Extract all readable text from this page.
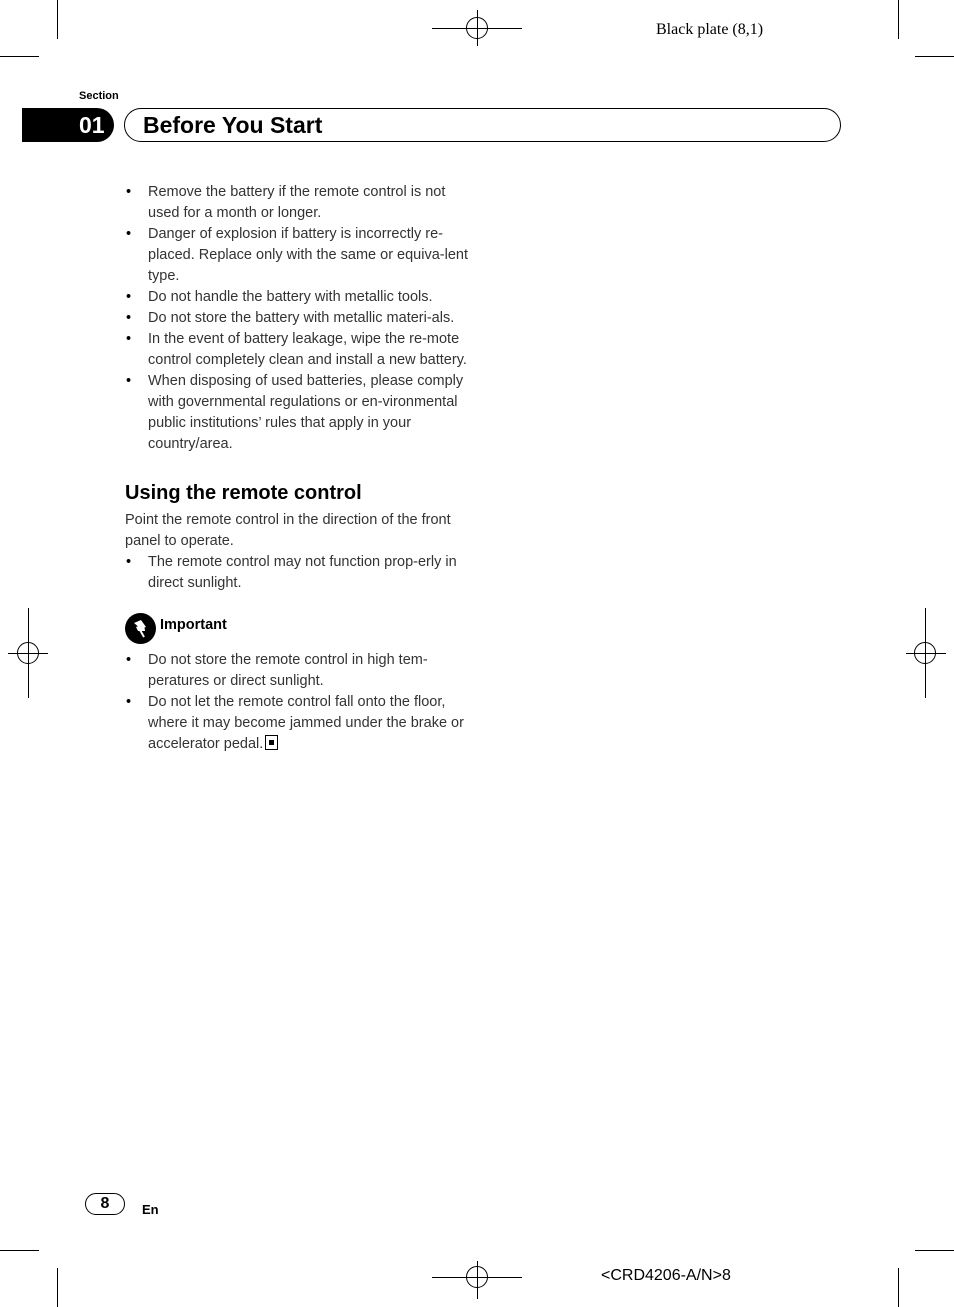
Black plate (8,1)
Section
01	Before You Start
• Remove the battery if the remote control is not used for a month or longer.
• Danger of explosion if battery is incorrectly re-placed. Replace only with the same or equiva-lent type.
• Do not handle the battery with metallic tools.
• Do not store the battery with metallic materi-als.
• In the event of battery leakage, wipe the re-mote control completely clean and install a new battery.
• When disposing of used batteries, please comply with governmental regulations or en-vironmental public institutions’ rules that apply in your country/area.
Using the remote control

Point the remote control in the direction of the front panel to operate.

• The remote control may not function prop-erly in direct sunlight.
Important
• Do not store the remote control in high tem-peratures or direct sunlight.
• Do not let the remote control fall onto the floor, where it may become jammed under the brake or accelerator pedal.
8	En
<CRD4206-A/N>8
